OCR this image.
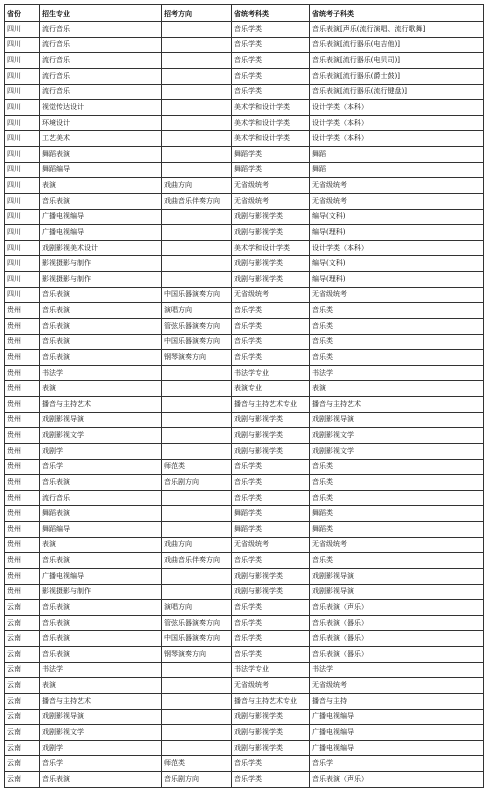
省份	招生专业	招考方向	省统考科类	省统考子科类
四川	流行音乐		音乐学类	音乐表演[声乐(流行演唱、流行歌舞]
四川	流行音乐		音乐学类	音乐表演[流行器乐(电吉他)]
四川	流行音乐		音乐学类	音乐表演[流行器乐(电贝司)]
四川	流行音乐		音乐学类	音乐表演[流行器乐(爵士鼓)]
四川	流行音乐		音乐学类	音乐表演[流行器乐(流行键盘)]
四川	视觉传达设计		美术学和设计学类	设计学类（本科）
四川	环境设计		美术学和设计学类	设计学类（本科）
四川	工艺美术		美术学和设计学类	设计学类（本科）
四川	舞蹈表演		舞蹈学类	舞蹈
四川	舞蹈编导		舞蹈学类	舞蹈
四川	表演	戏曲方向	无省级统考	无省级统考
四川	音乐表演	戏曲音乐伴奏方向	无省级统考	无省级统考
四川	广播电视编导		戏剧与影视学类	编导(文科)
四川	广播电视编导		戏剧与影视学类	编导(理科)
四川	戏剧影视美术设计		美术学和设计学类	设计学类（本科）
四川	影视摄影与制作		戏剧与影视学类	编导(文科)
四川	影视摄影与制作		戏剧与影视学类	编导(理科)
四川	音乐表演	中国乐器演奏方向	无省级统考	无省级统考
贵州	音乐表演	演唱方向	音乐学类	音乐类
贵州	音乐表演	管弦乐器演奏方向	音乐学类	音乐类
贵州	音乐表演	中国乐器演奏方向	音乐学类	音乐类
贵州	音乐表演	钢琴演奏方向	音乐学类	音乐类
贵州	书法学		书法学专业	书法学
贵州	表演		表演专业	表演
贵州	播音与主持艺术		播音与主持艺术专业	播音与主持艺术
贵州	戏剧影视导演		戏剧与影视学类	戏剧影视导演
贵州	戏剧影视文学		戏剧与影视学类	戏剧影视文学
贵州	戏剧学		戏剧与影视学类	戏剧影视文学
贵州	音乐学	师范类	音乐学类	音乐类
贵州	音乐表演	音乐剧方向	音乐学类	音乐类
贵州	流行音乐		音乐学类	音乐类
贵州	舞蹈表演		舞蹈学类	舞蹈类
贵州	舞蹈编导		舞蹈学类	舞蹈类
贵州	表演	戏曲方向	无省级统考	无省级统考
贵州	音乐表演	戏曲音乐伴奏方向	音乐学类	音乐类
贵州	广播电视编导		戏剧与影视学类	戏剧影视导演
贵州	影视摄影与制作		戏剧与影视学类	戏剧影视导演
云南	音乐表演	演唱方向	音乐学类	音乐表演（声乐）
云南	音乐表演	管弦乐器演奏方向	音乐学类	音乐表演（器乐）
云南	音乐表演	中国乐器演奏方向	音乐学类	音乐表演（器乐）
云南	音乐表演	钢琴演奏方向	音乐学类	音乐表演（器乐）
云南	书法学		书法学专业	书法学
云南	表演		无省级统考	无省级统考
云南	播音与主持艺术		播音与主持艺术专业	播音与主持
云南	戏剧影视导演		戏剧与影视学类	广播电视编导
云南	戏剧影视文学		戏剧与影视学类	广播电视编导
云南	戏剧学		戏剧与影视学类	广播电视编导
云南	音乐学	师范类	音乐学类	音乐学
云南	音乐表演	音乐剧方向	音乐学类	音乐表演（声乐）
